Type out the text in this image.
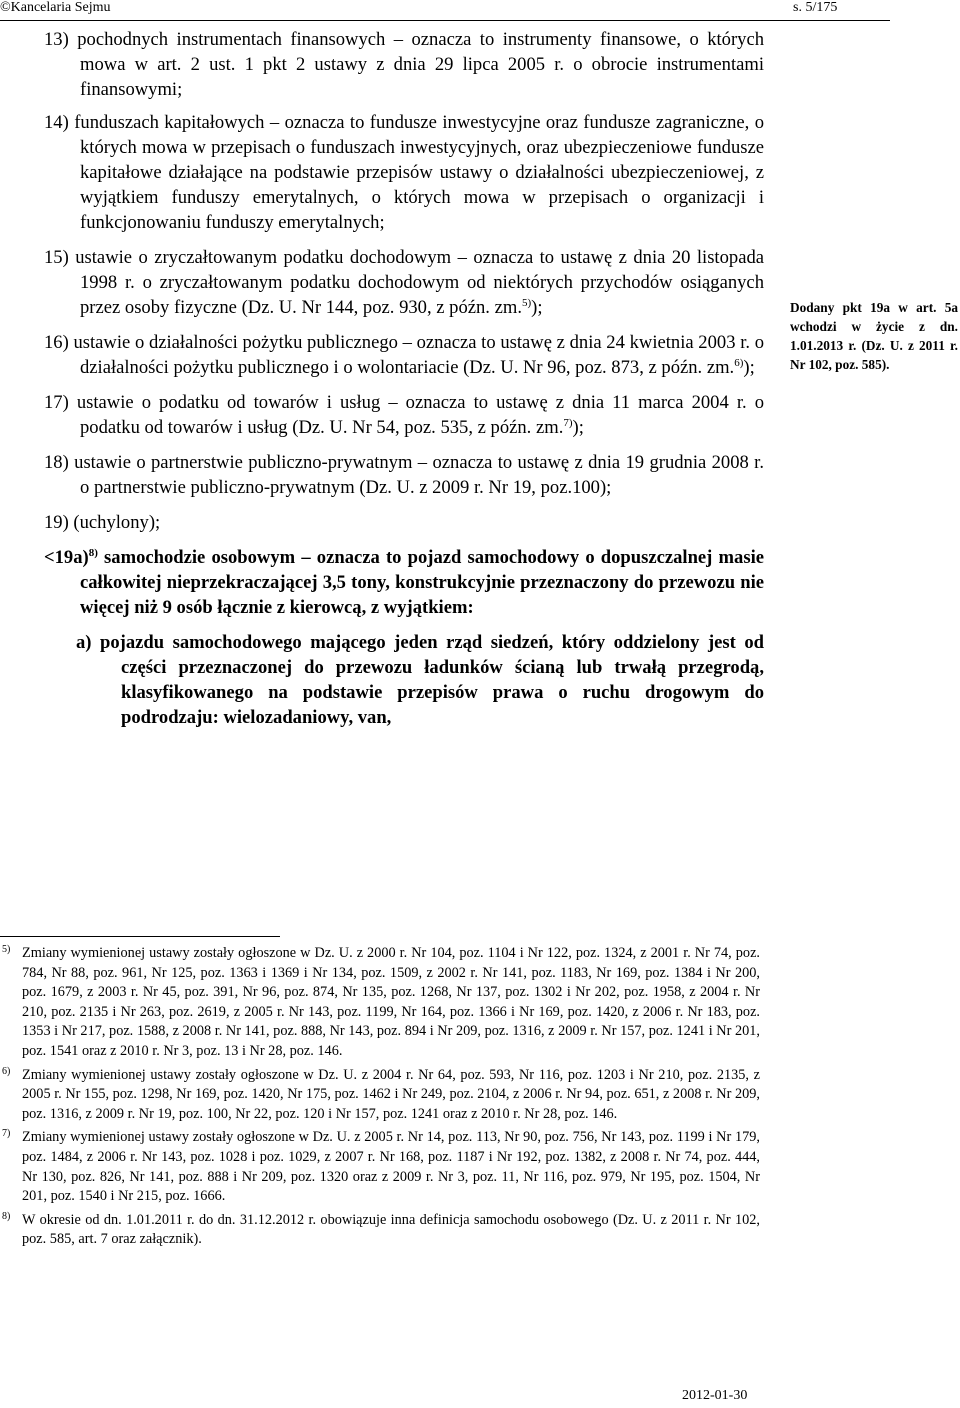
©Kancelaria Sejmu	s. 5/175

13) pochodnych instrumentach finansowych – oznacza to instrumenty finansowe, o których mowa w art. 2 ust. 1 pkt 2 ustawy z dnia 29 lipca 2005 r. o obrocie instrumentami finansowymi;

14) funduszach kapitałowych – oznacza to fundusze inwestycyjne oraz fundusze zagraniczne, o których mowa w przepisach o funduszach inwestycyjnych, oraz ubezpieczeniowe fundusze kapitałowe działające na podstawie przepisów ustawy o działalności ubezpieczeniowej, z wyjątkiem funduszy emerytalnych, o których mowa w przepisach o organizacji i funkcjonowaniu funduszy emerytalnych;

15) ustawie o zryczałtowanym podatku dochodowym – oznacza to ustawę z dnia 20 listopada 1998 r. o zryczałtowanym podatku dochodowym od niektórych przychodów osiąganych przez osoby fizyczne (Dz. U. Nr 144, poz. 930, z późn. zm.$^{5)}$);

16) ustawie o działalności pożytku publicznego – oznacza to ustawę z dnia 24 kwietnia 2003 r. o działalności pożytku publicznego i o wolontariacie (Dz. U. Nr 96, poz. 873, z późn. zm.$^{6)}$);

17) ustawie o podatku od towarów i usług – oznacza to ustawę z dnia 11 marca 2004 r. o podatku od towarów i usług (Dz. U. Nr 54, poz. 535, z późn. zm.$^{7)}$);

18) ustawie o partnerstwie publiczno-prywatnym – oznacza to ustawę z dnia 19 grudnia 2008 r. o partnerstwie publiczno-prywatnym (Dz. U. z 2009 r. Nr 19, poz.100);

19) (uchylony);

<19a)$^{8)}$ samochodzie osobowym – oznacza to pojazd samochodowy o dopuszczalnej masie całkowitej nieprzekraczającej 3,5 tony, konstrukcyjnie przeznaczony do przewozu nie więcej niż 9 osób łącznie z kierowcą, z wyjątkiem:

a) pojazdu samochodowego mającego jeden rząd siedzeń, który oddzielony jest od części przeznaczonej do przewozu ładunków ścianą lub trwałą przegrodą, klasyfikowanego na podstawie przepisów prawa o ruchu drogowym do podrodzaju: wielozadaniowy, van,

Dodany pkt 19a w art. 5a wchodzi w życie z dn. 1.01.2013 r. (Dz. U. z 2011 r. Nr 102, poz. 585).
5) Zmiany wymienionej ustawy zostały ogłoszone w Dz. U. z 2000 r. Nr 104, poz. 1104 i Nr 122, poz. 1324, z 2001 r. Nr 74, poz. 784, Nr 88, poz. 961, Nr 125, poz. 1363 i 1369 i Nr 134, poz. 1509, z 2002 r. Nr 141, poz. 1183, Nr 169, poz. 1384 i Nr 200, poz. 1679, z 2003 r. Nr 45, poz. 391, Nr 96, poz. 874, Nr 135, poz. 1268, Nr 137, poz. 1302 i Nr 202, poz. 1958, z 2004 r. Nr 210, poz. 2135 i Nr 263, poz. 2619, z 2005 r. Nr 143, poz. 1199, Nr 164, poz. 1366 i Nr 169, poz. 1420, z 2006 r. Nr 183, poz. 1353 i Nr 217, poz. 1588, z 2008 r. Nr 141, poz. 888, Nr 143, poz. 894 i Nr 209, poz. 1316, z 2009 r. Nr 157, poz. 1241 i Nr 201, poz. 1541 oraz z 2010 r. Nr 3, poz. 13 i Nr 28, poz. 146.
6) Zmiany wymienionej ustawy zostały ogłoszone w Dz. U. z 2004 r. Nr 64, poz. 593, Nr 116, poz. 1203 i Nr 210, poz. 2135, z 2005 r. Nr 155, poz. 1298, Nr 169, poz. 1420, Nr 175, poz. 1462 i Nr 249, poz. 2104, z 2006 r. Nr 94, poz. 651, z 2008 r. Nr 209, poz. 1316, z 2009 r. Nr 19, poz. 100, Nr 22, poz. 120 i Nr 157, poz. 1241 oraz z 2010 r. Nr 28, poz. 146.
7) Zmiany wymienionej ustawy zostały ogłoszone w Dz. U. z 2005 r. Nr 14, poz. 113, Nr 90, poz. 756, Nr 143, poz. 1199 i Nr 179, poz. 1484, z 2006 r. Nr 143, poz. 1028 i poz. 1029, z 2007 r. Nr 168, poz. 1187 i Nr 192, poz. 1382, z 2008 r. Nr 74, poz. 444, Nr 130, poz. 826, Nr 141, poz. 888 i Nr 209, poz. 1320 oraz z 2009 r. Nr 3, poz. 11, Nr 116, poz. 979, Nr 195, poz. 1504, Nr 201, poz. 1540 i Nr 215, poz. 1666.
8) W okresie od dn. 1.01.2011 r. do dn. 31.12.2012 r. obowiązuje inna definicja samochodu osobowego (Dz. U. z 2011 r. Nr 102, poz. 585, art. 7 oraz załącznik).
2012-01-30
